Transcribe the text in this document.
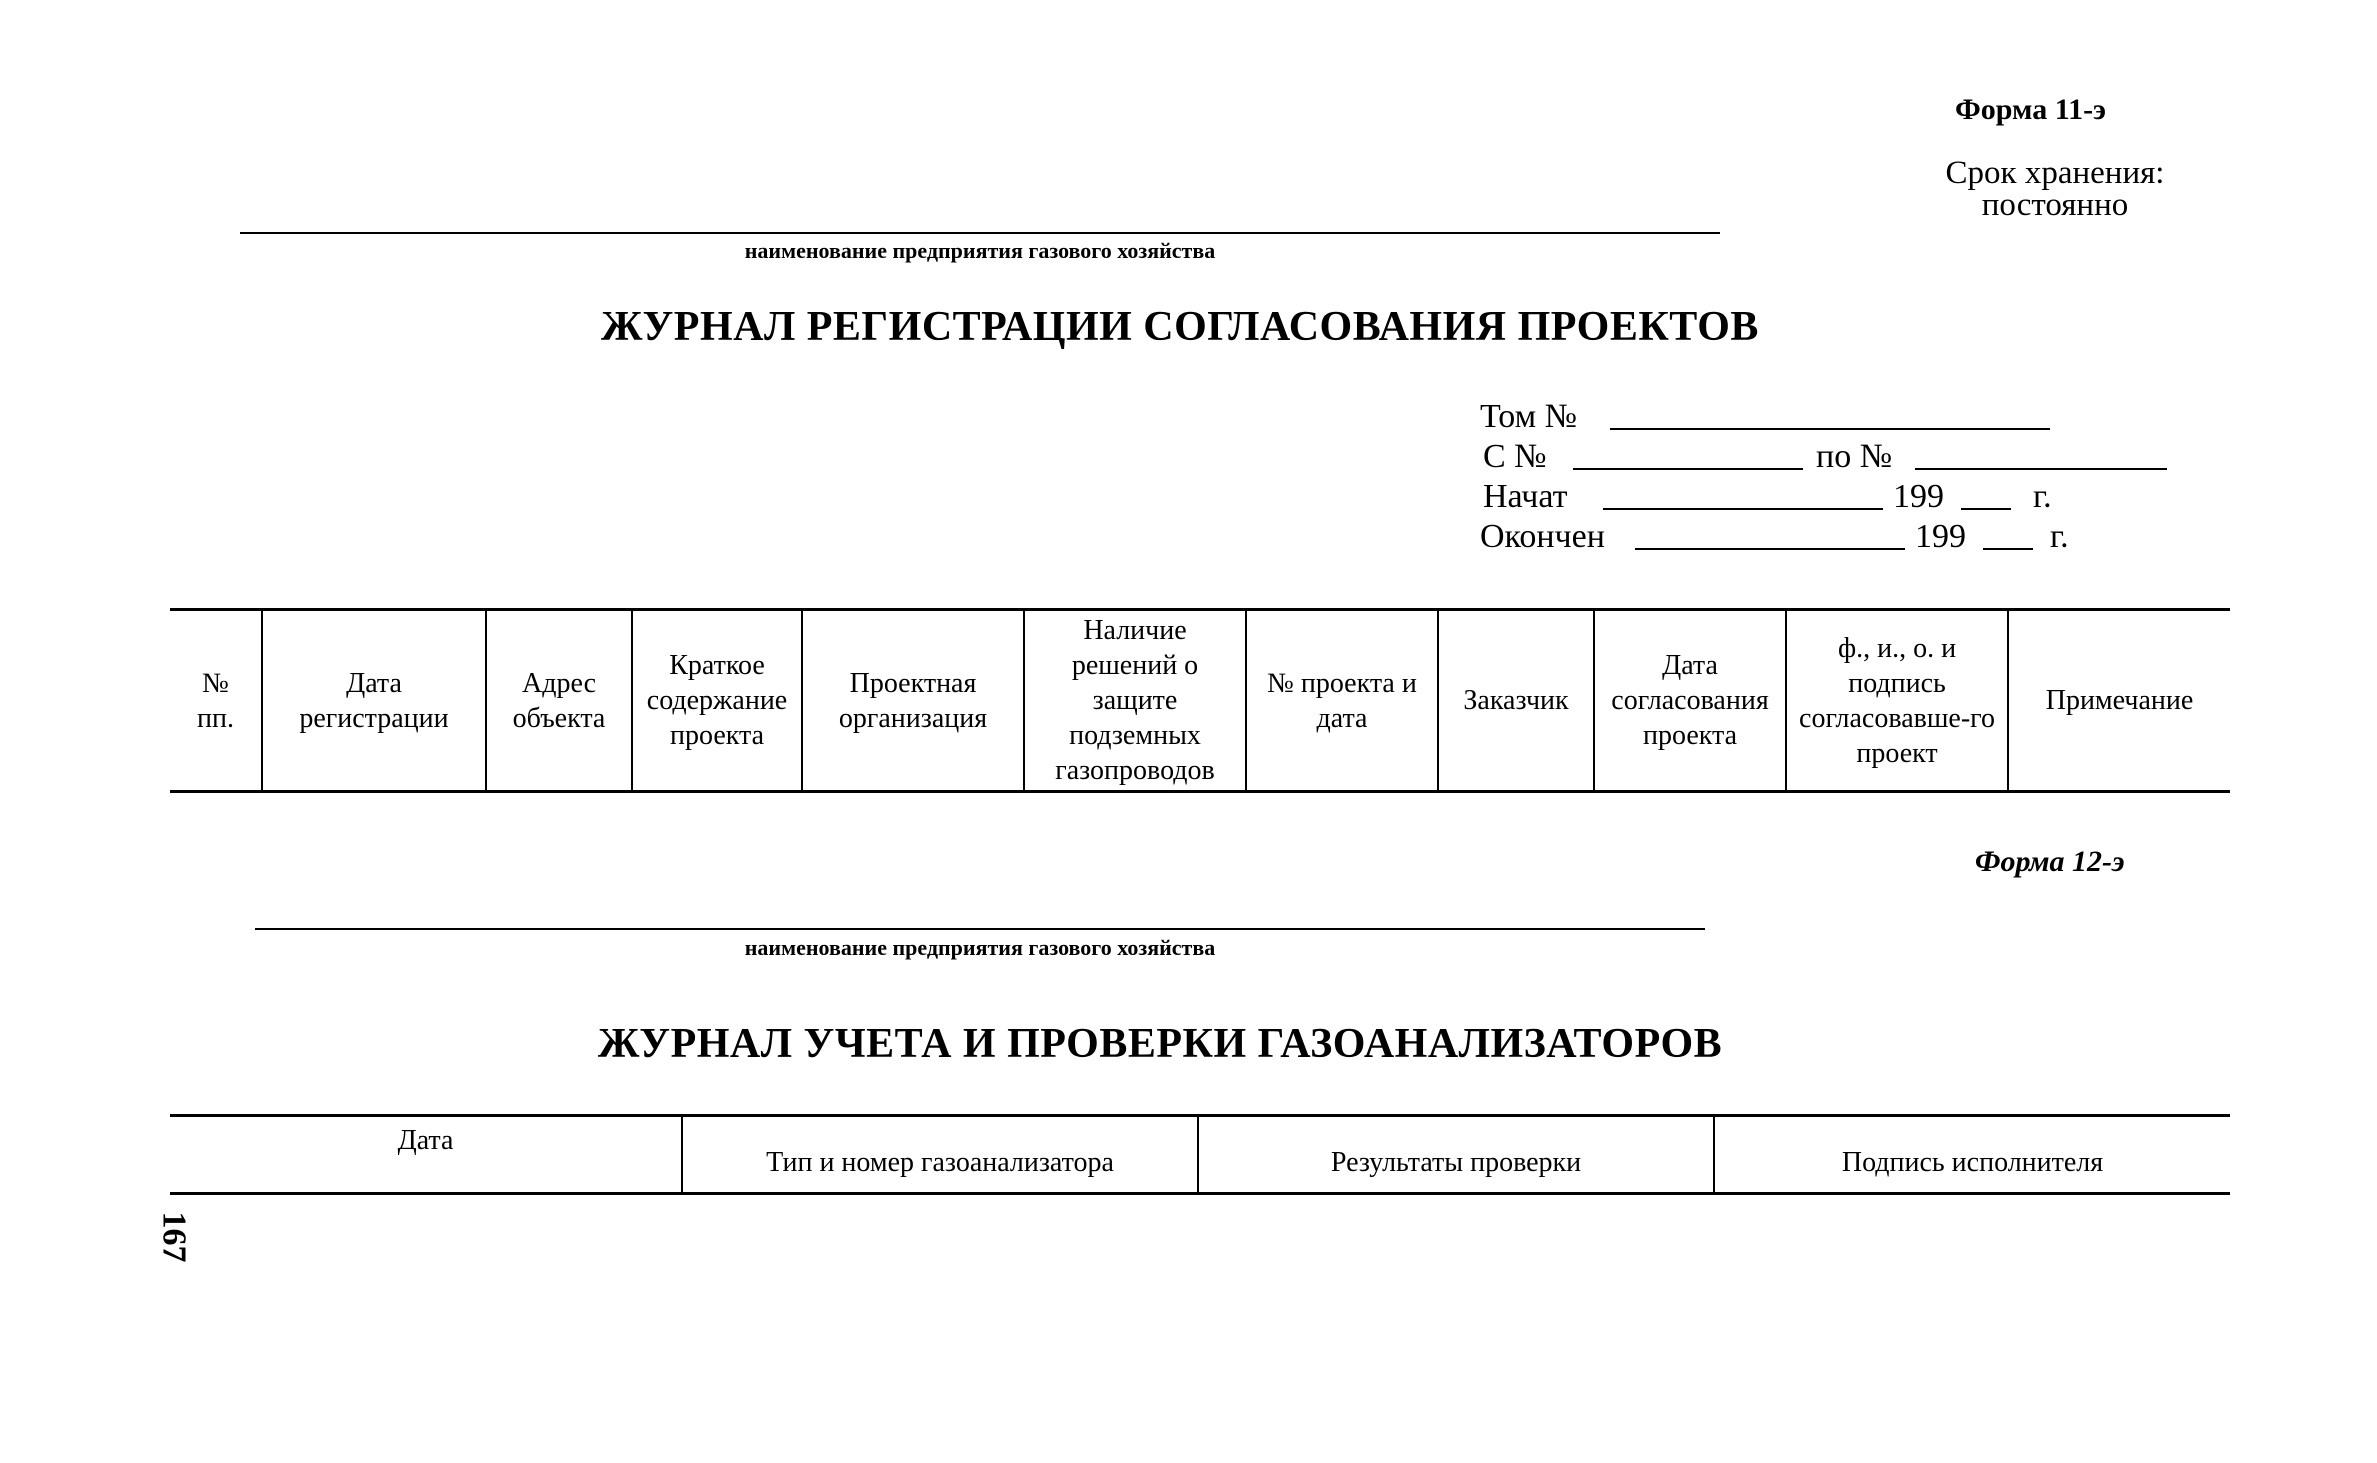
Форма 11-э
Срок хранения:
постоянно
наименование предприятия газового хозяйства
ЖУРНАЛ РЕГИСТРАЦИИ СОГЛАСОВАНИЯ ПРОЕКТОВ
Том №
С №	по №
Начат	199	г.
Окончен	199 г.
№ пп.	Дата регистрации	Адрес объекта	Краткое содержание проекта	Проектная организация	Наличие решений о защите подземных газопроводов	№ проекта и дата	Заказчик	Дата согласования проекта	ф., и., о. и подпись согласовавше-го проект	Примечание
Форма 12-э
наименование предприятия газового хозяйства
ЖУРНАЛ УЧЕТА И ПРОВЕРКИ ГАЗОАНАЛИЗАТОРОВ
Дата	Тип и номер газоанализатора	Результаты проверки	Подпись исполнителя
167
